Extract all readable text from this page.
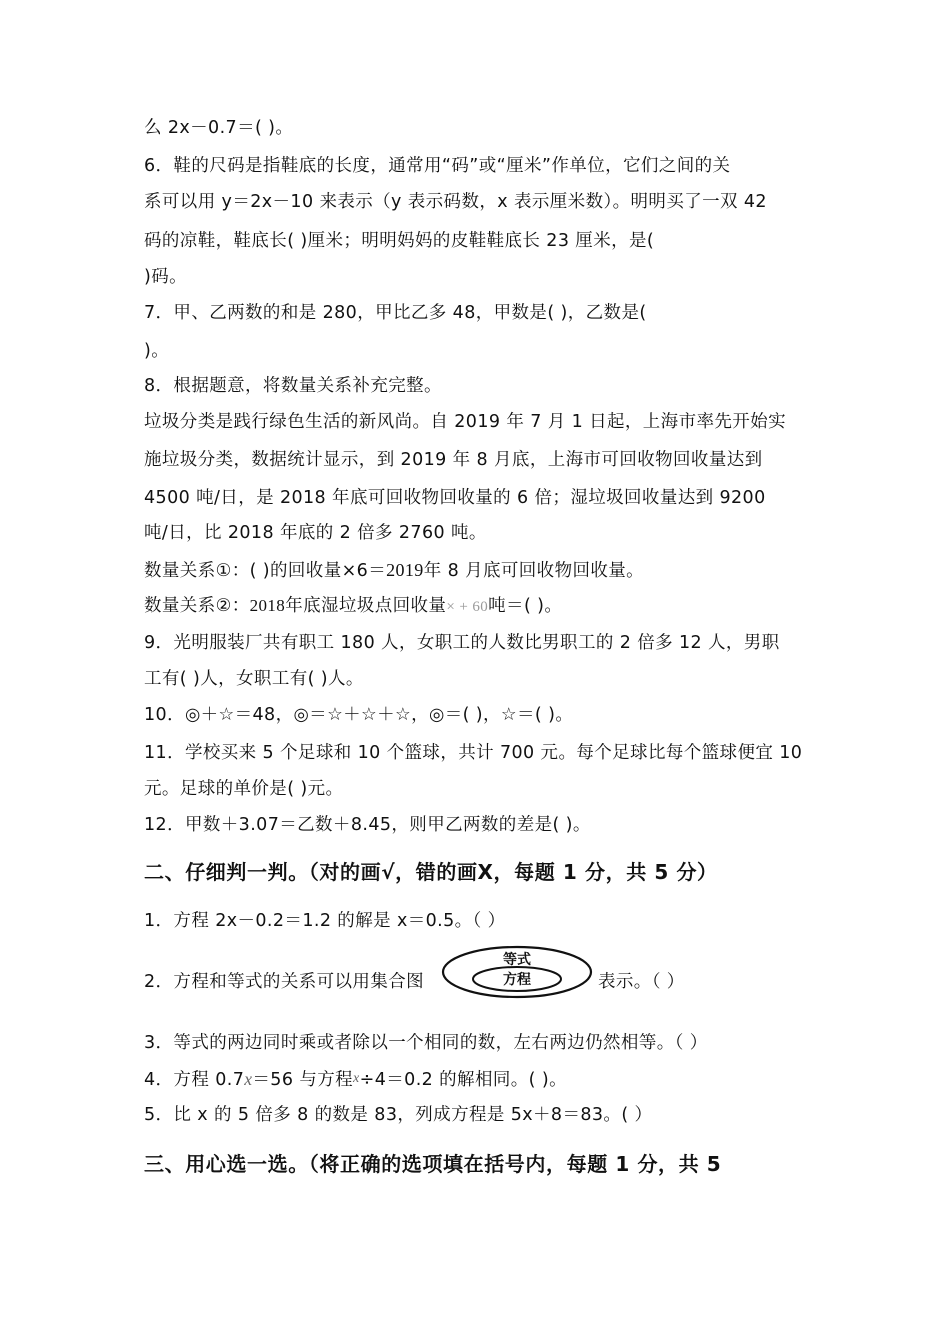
么 2x－0.7＝( )。
6．鞋的尺码是指鞋底的长度，通常用“码”或“厘米”作单位，它们之间的关
系可以用 y＝2x－10 来表示（y 表示码数，x 表示厘米数）。明明买了一双 42
码的凉鞋，鞋底长( )厘米；明明妈妈的皮鞋鞋底长 23 厘米，是(
)码。
7．甲、乙两数的和是 280，甲比乙多 48，甲数是( )，乙数是(
)。
8．根据题意，将数量关系补充完整。
垃圾分类是践行绿色生活的新风尚。自 2019 年 7 月 1 日起，上海市率先开始实
施垃圾分类，数据统计显示，到 2019 年 8 月底，上海市可回收物回收量达到
4500 吨/日，是 2018 年底可回收物回收量的 6 倍；湿垃圾回收量达到 9200
吨/日，比 2018 年底的 2 倍多 2760 吨。
数量关系①：( )的回收量×6＝2019年 8 月底可回收物回收量。
数量关系②：2018年底湿垃圾点回收量× + 60吨＝( )。
9．光明服装厂共有职工 180 人，女职工的人数比男职工的 2 倍多 12 人，男职
工有( )人，女职工有( )人。
10．◎＋☆＝48，◎＝☆＋☆＋☆，◎＝( )，☆＝( )。
11．学校买来 5 个足球和 10 个篮球，共计 700 元。每个足球比每个篮球便宜 10
元。足球的单价是( )元。
12．甲数＋3.07＝乙数＋8.45，则甲乙两数的差是( )。
二、仔细判一判。（对的画√，错的画X，每题 1 分，共 5 分）
1．方程 2x－0.2＝1.2 的解是 x＝0.5。（ ）
2．方程和等式的关系可以用集合图
等式
方程	表示。（ ）
3．等式的两边同时乘或者除以一个相同的数，左右两边仍然相等。（ ）
4．方程 0.7x＝56 与方程$^x$÷4＝0.2 的解相同。( )。
5．比 x 的 5 倍多 8 的数是 83，列成方程是 5x＋8＝83。( ）
三、用心选一选。（将正确的选项填在括号内，每题 1 分，共 5
